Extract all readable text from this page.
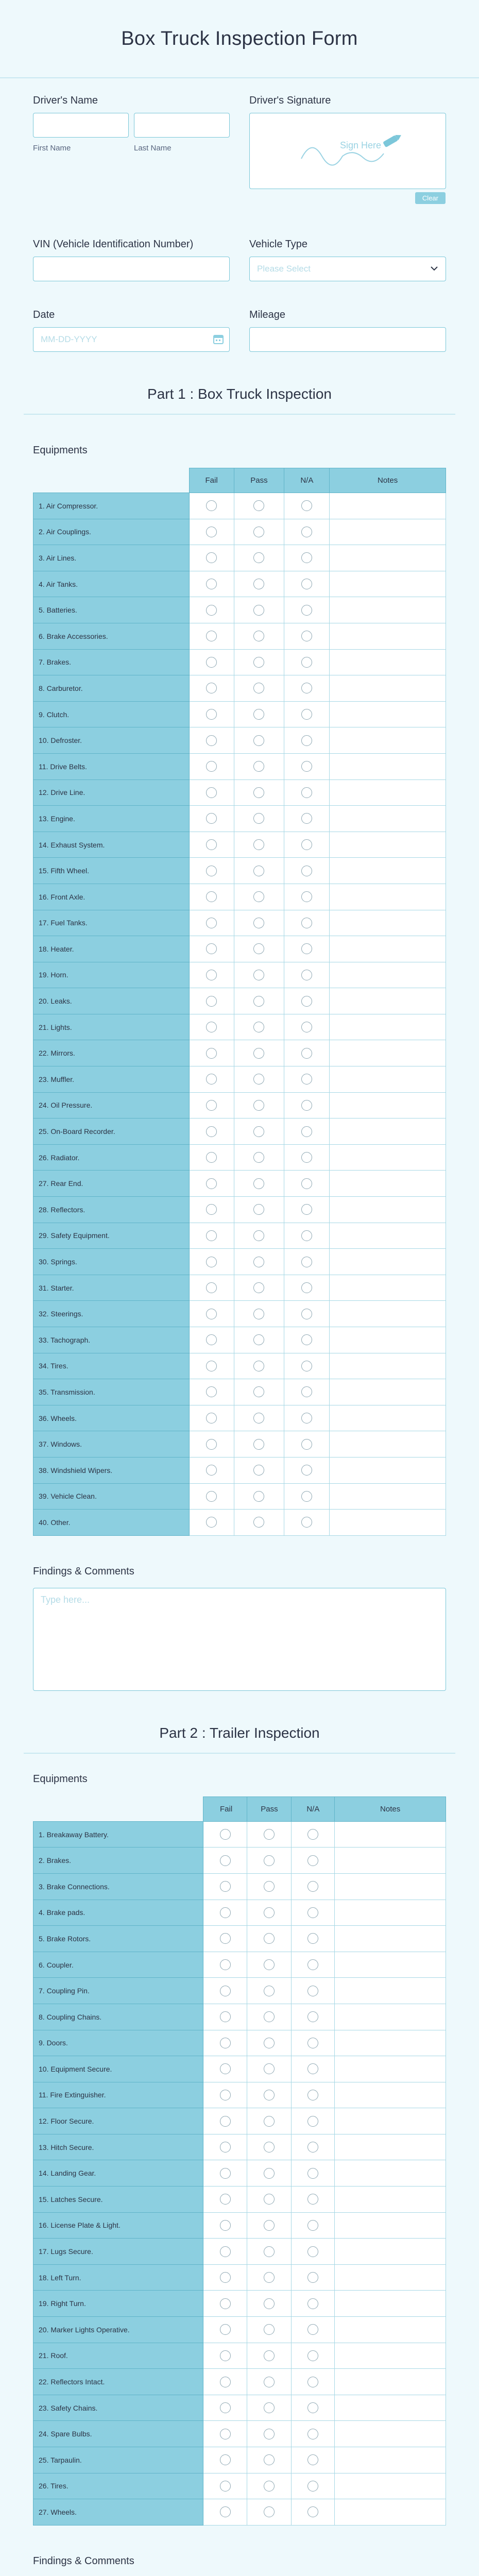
Box Truck Inspection Form
Driver's Name
First Name	Last Name
Driver's Signature
Sign Here
Clear
VIN (Vehicle Identification Number)	Vehicle Type
Please Select
Date
MM-DD-YYYY	Mileage
Part 1 : Box Truck Inspection
Equipments
	Fail	Pass	N/A	Notes
1. Air Compressor.				
2. Air Couplings.				
3. Air Lines.				
4. Air Tanks.				
5. Batteries.				
6. Brake Accessories.				
7. Brakes.				
8. Carburetor.				
9. Clutch.				
10. Defroster.				
11. Drive Belts.				
12. Drive Line.				
13. Engine.				
14. Exhaust System.				
15. Fifth Wheel.				
16. Front Axle.				
17. Fuel Tanks.				
18. Heater.				
19. Horn.				
20. Leaks.				
21. Lights.				
22. Mirrors.				
23. Muffler.				
24. Oil Pressure.				
25. On-Board Recorder.				
26. Radiator.				
27. Rear End.				
28. Reflectors.				
29. Safety Equipment.				
30. Springs.				
31. Starter.				
32. Steerings.				
33. Tachograph.				
34. Tires.				
35. Transmission.				
36. Wheels.				
37. Windows.				
38. Windshield Wipers.				
39. Vehicle Clean.				
40. Other.				
Findings & Comments
Type here...
Part 2 : Trailer Inspection
Equipments
	Fail	Pass	N/A	Notes
1. Breakaway Battery.				
2. Brakes.				
3. Brake Connections.				
4. Brake pads.				
5. Brake Rotors.				
6. Coupler.				
7. Coupling Pin.				
8. Coupling Chains.				
9. Doors.				
10. Equipment Secure.				
11. Fire Extinguisher.				
12. Floor Secure.				
13. Hitch Secure.				
14. Landing Gear.				
15. Latches Secure.				
16. License Plate & Light.				
17. Lugs Secure.				
18. Left Turn.				
19. Right Turn.				
20. Marker Lights Operative.				
21. Roof.				
22. Reflectors Intact.				
23. Safety Chains.				
24. Spare Bulbs.				
25. Tarpaulin.				
26. Tires.				
27. Wheels.				
Findings & Comments
